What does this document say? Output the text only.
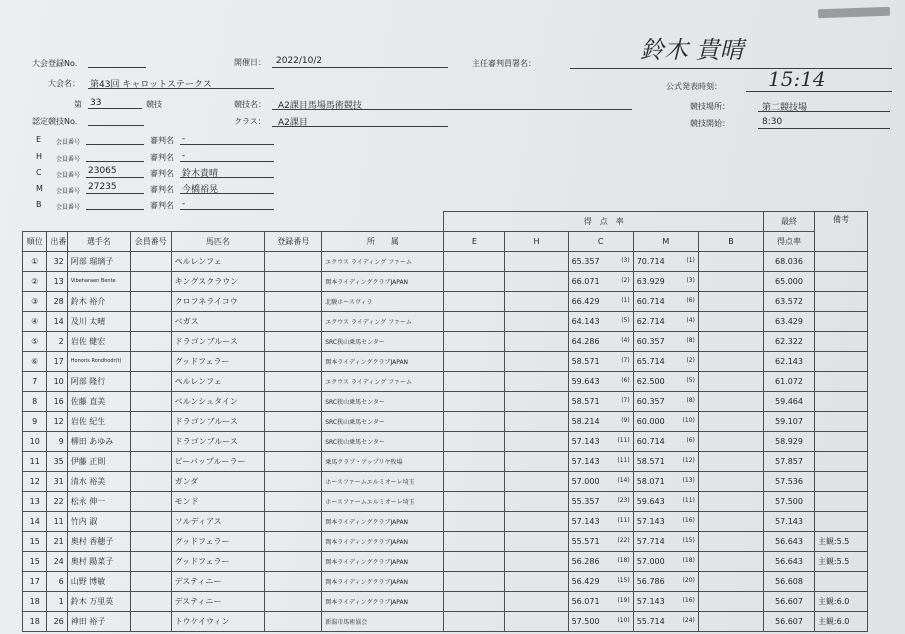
大会登録No.	開催日： 2022/10/2	主任審判員署名：	鈴木 貴晴
大会名： 第43回 キャロットステークス	公式発表時刻： 15:14
第 33	競技	競技名： A2課目馬場馬術競技	競技場所：	第二競技場
認定競技No.	クラス： A2課目	競技開始：	8:30
E 会員番号	審判名 -
H 会員番号	審判名 -
C 会員番号 23065	審判名 鈴木貴晴
M 会員番号 27235	審判名 今橋裕晃
B 会員番号	審判名 -
							得　点　率					最終	備考
順位	出番	選手名	会員番号	馬匹名	登録番号	所　　属	E	H	C	M	B	得点率	
①	32	阿部 瑠璃子		ペルレンフェ		エクウス ライディング ファーム			65.357 (3)	70.714 (1)		68.036	
②	13	Vibeharaen Bente		キングスクラウン		岡本ライディングクラブJAPAN			66.071 (2)	63.929 (3)		65.000	
③	28	鈴木 裕介		クロフネライコウ		北駿ホースヴィラ			66.429 (1)	60.714 (6)		63.572	
④	14	及川 太晴		ベガス		エクウス ライディング ファーム			64.143 (5)	62.714 (4)		63.429	
⑤	2	岩佐 健宏		ドラゴンブルース		SRC狭山乗馬センター			64.286 (4)	60.357 (8)		62.322	
⑥	17	Honoris Rondhodr(t)		グッドフェラー		岡本ライディングクラブJAPAN			58.571 (7)	65.714 (2)		62.143	
7	10	阿部 隆行		ペルレンフェ		エクウス ライディング ファーム			59.643 (6)	62.500 (5)		61.072	
8	16	佐藤 直美		ベルンシュタイン		SRC狭山乗馬センター			58.571 (7)	60.357 (8)		59.464	
9	12	岩佐 紀生		ドラゴンブルース		SRC狭山乗馬センター			58.214 (9)	60.000 (10)		59.107	
10	9	柳田 あゆみ		ドラゴンブルース		SRC狭山乗馬センター			57.143 (11)	60.714 (6)		58.929	
11	35	伊藤 正則		ビーバップルーラー		乗馬クラブ・アップリヤ牧場			57.143 (11)	58.571 (12)		57.857	
12	31	清水 裕美		ガンダ		ホースファームエルミオーレ埼玉			57.000 (14)	58.071 (13)		57.536	
13	22	松永 伸一		モンド		ホースファームエルミオーレ埼玉			55.357 (23)	59.643 (11)		57.500	
14	11	竹内 淑		ソルディアス		岡本ライディングクラブJAPAN			57.143 (11)	57.143 (16)		57.143	
15	21	奥村 香穂子		グッドフェラー		岡本ライディングクラブJAPAN			55.571 (22)	57.714 (15)		56.643	主観:5.5
15	24	奥村 陽菜子		グッドフェラー		岡本ライディングクラブJAPAN			56.286 (18)	57.000 (18)		56.643	主観:5.5
17	6	山野 博敏		デスティニー		岡本ライディングクラブJAPAN			56.429 (15)	56.786 (20)		56.608	
18	1	鈴木 万里英		デスティニー		岡本ライディングクラブJAPAN			56.071 (19)	57.143 (16)		56.607	主観:6.0
18	26	神田 裕子		トウケイウィン		新潟市馬術協会			57.500 (10)	55.714 (24)		56.607	主観:6.0
